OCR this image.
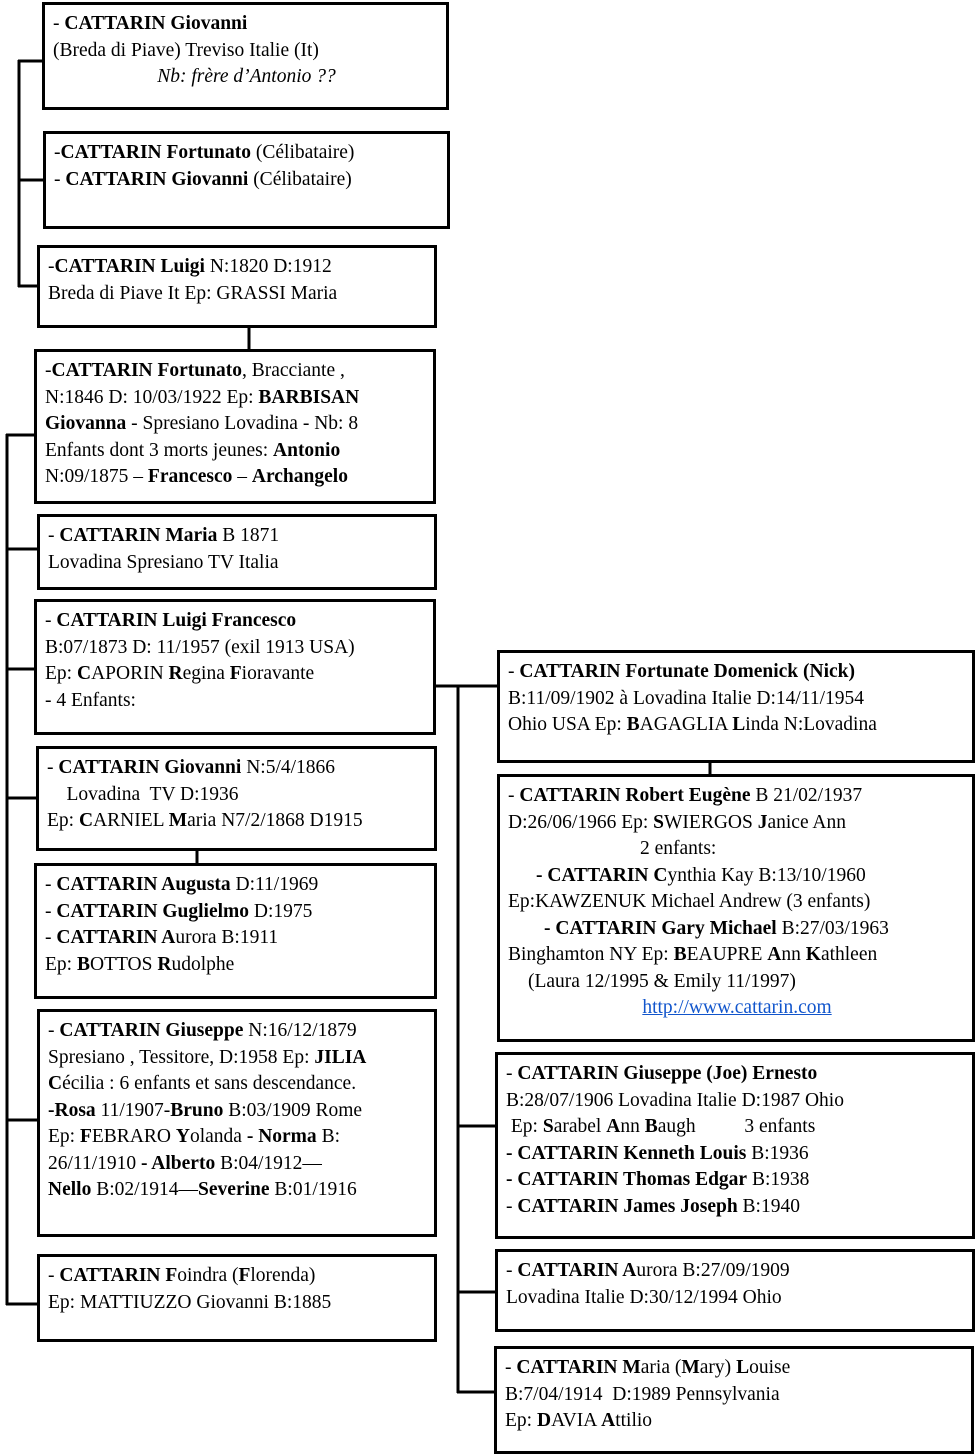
- CATTARIN Giovanni
(Breda di Piave) Treviso Italie (It)
Nb: frère d’Antonio ??
-CATTARIN Fortunato (Célibataire)
- CATTARIN Giovanni (Célibataire)
-CATTARIN Luigi N:1820 D:1912
Breda di Piave It Ep: GRASSI Maria
-CATTARIN Fortunato, Bracciante ,
N:1846 D: 10/03/1922 Ep: BARBISAN
Giovanna - Spresiano Lovadina - Nb: 8
Enfants dont 3 morts jeunes: Antonio
N:09/1875 – Francesco – Archangelo
- CATTARIN Maria B 1871
Lovadina Spresiano TV Italia
- CATTARIN Luigi Francesco
B:07/1873 D: 11/1957 (exil 1913 USA)
Ep: CAPORIN Regina Fioravante
- 4 Enfants:
- CATTARIN Giovanni N:5/4/1866
Lovadina  TV D:1936
Ep: CARNIEL Maria N7/2/1868 D1915
- CATTARIN Augusta D:11/1969
- CATTARIN Guglielmo D:1975
- CATTARIN Aurora B:1911
Ep: BOTTOS Rudolphe
- CATTARIN Giuseppe N:16/12/1879
Spresiano , Tessitore, D:1958 Ep: JILIA
Cécilia : 6 enfants et sans descendance.
-Rosa 11/1907-Bruno B:03/1909 Rome
Ep: FEBRARO Yolanda - Norma B:
26/11/1910 - Alberto B:04/1912—
Nello B:02/1914—Severine B:01/1916
- CATTARIN Foindra (Florenda)
Ep: MATTIUZZO Giovanni B:1885
- CATTARIN Fortunate Domenick (Nick)
B:11/09/1902 à Lovadina Italie D:14/11/1954
Ohio USA Ep: BAGAGLIA Linda N:Lovadina
- CATTARIN Robert Eugène B 21/02/1937
D:26/06/1966 Ep: SWIERGOS Janice Ann
2 enfants:
- CATTARIN Cynthia Kay B:13/10/1960
Ep:KAWZENUK Michael Andrew (3 enfants)
- CATTARIN Gary Michael B:27/03/1963
Binghamton NY Ep: BEAUPRE Ann Kathleen
(Laura 12/1995 & Emily 11/1997)
http://www.cattarin.com
- CATTARIN Giuseppe (Joe) Ernesto
B:28/07/1906 Lovadina Italie D:1987 Ohio
Ep: Sarabel Ann Baugh          3 enfants
- CATTARIN Kenneth Louis B:1936
- CATTARIN Thomas Edgar B:1938
- CATTARIN James Joseph B:1940
- CATTARIN Aurora B:27/09/1909
Lovadina Italie D:30/12/1994 Ohio
- CATTARIN Maria (Mary) Louise
B:7/04/1914  D:1989 Pennsylvania
Ep: DAVIA Attilio
